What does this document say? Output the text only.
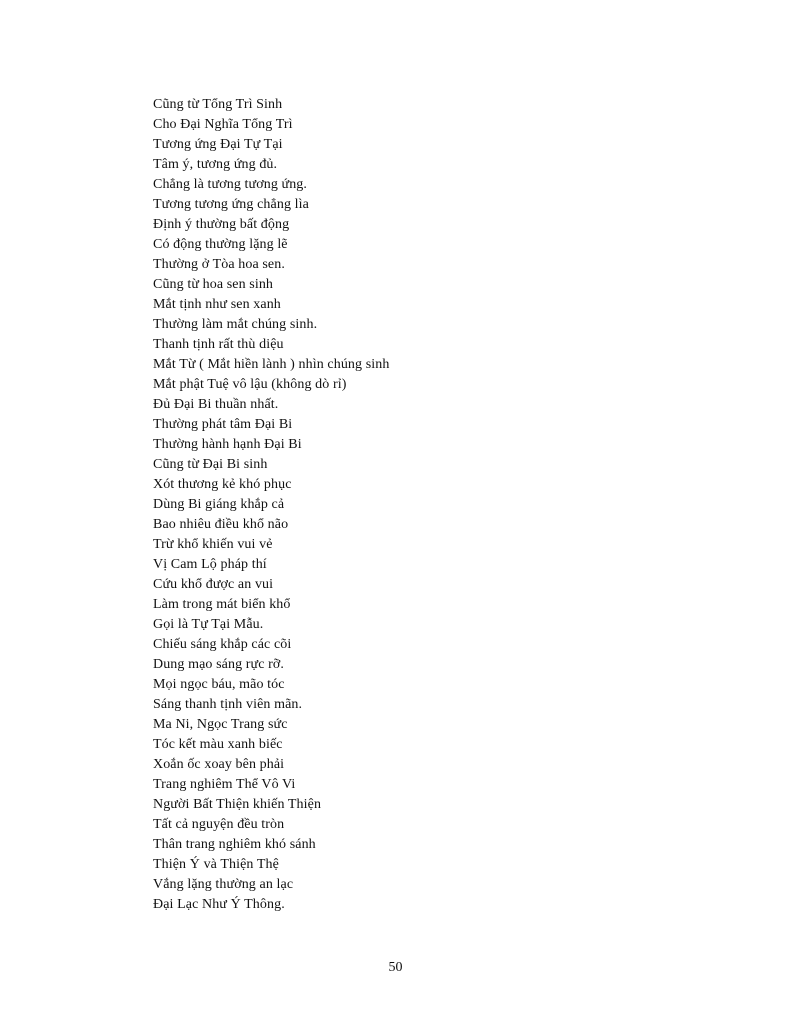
Cũng từ Tổng Trì Sinh
Cho Đại Nghĩa Tổng Trì
Tương ứng Đại Tự Tại
Tâm ý, tương ứng đủ.
Chẳng là tương tương ứng.
Tương tương ứng chẳng lìa
Định ý thường bất động
Có động thường lặng lẽ
Thường ở Tòa hoa sen.
Cũng từ hoa sen sinh
Mắt tịnh như sen xanh
Thường làm mắt chúng sinh.
Thanh tịnh rất thù diệu
Mắt Từ ( Mắt hiền lành ) nhìn chúng sinh
Mắt phật Tuệ vô lậu (không dò rỉ)
Đủ Đại Bi thuần nhất.
Thường phát tâm Đại Bi
Thường hành hạnh Đại Bi
Cũng từ Đại Bi sinh
Xót thương kẻ khó phục
Dùng Bi giáng khắp cả
Bao nhiêu điều khổ não
Trừ khổ khiến vui vẻ
Vị Cam Lộ pháp thí
Cứu khổ được an vui
Làm trong mát biển khổ
Gọi là Tự Tại Mẫu.
Chiếu sáng khắp các cõi
Dung mạo sáng rực rỡ.
Mọi ngọc báu, mão tóc
Sáng thanh tịnh viên mãn.
Ma Ni, Ngọc Trang sức
Tóc kết màu xanh biếc
Xoắn ốc xoay bên phải
Trang nghiêm Thể Vô Vi
Người Bất Thiện khiến Thiện
Tất cả nguyện đều tròn
Thân trang nghiêm khó sánh
Thiện Ý và Thiện Thệ
Vắng lặng thường an lạc
Đại Lạc Như Ý Thông.
50
